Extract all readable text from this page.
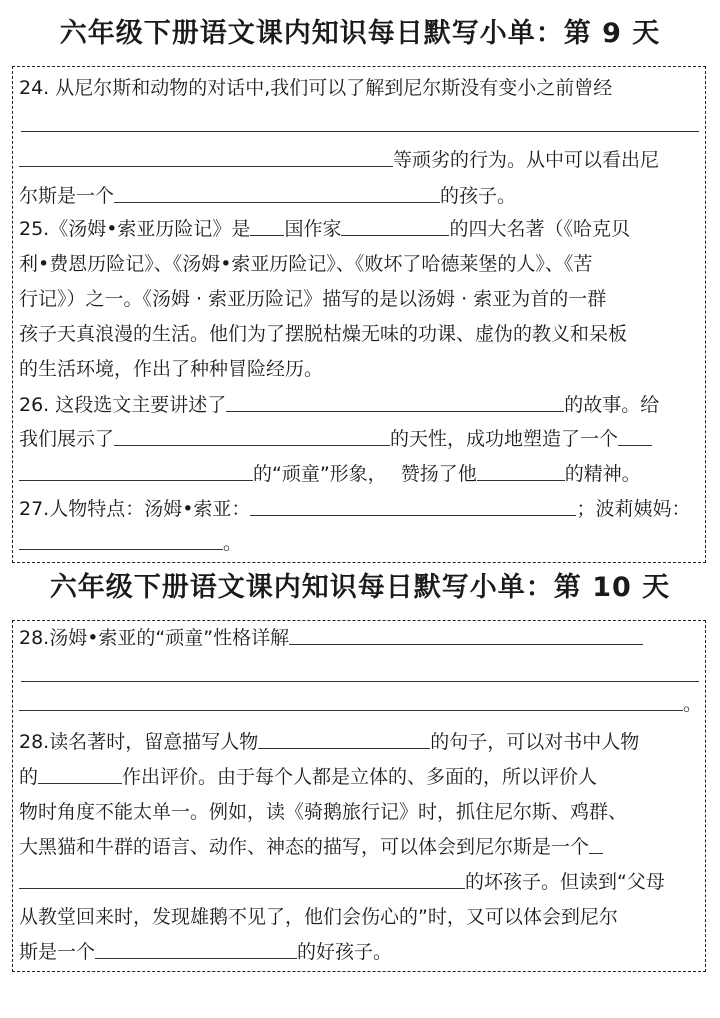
六年级下册语文课内知识每日默写小单：第 9 天
24. 从尼尔斯和动物的对话中,我们可以了解到尼尔斯没有变小之前曾经
等顽劣的行为。从中可以看出尼
尔斯是一个	的孩子。
25.《汤姆•索亚历险记》是 国作家	的四大名著（《哈克贝
利•费恩历险记》、《汤姆•索亚历险记》、《败坏了哈德莱堡的人》、《苦
行记》）之一。《汤姆 · 索亚历险记》描写的是以汤姆 · 索亚为首的一群
孩子天真浪漫的生活。他们为了摆脱枯燥无味的功课、虚伪的教义和呆板
的生活环境，作出了种种冒险经历。
26. 这段选文主要讲述了	的故事。给
我们展示了	的天性，成功地塑造了一个
的“顽童”形象， 赞扬了他	的精神。
27.人物特点：汤姆•索亚：	；波莉姨妈：
。
六年级下册语文课内知识每日默写小单：第 10 天
28.汤姆•索亚的“顽童”性格详解
。
28.读名著时，留意描写人物	的句子，可以对书中人物
的	作出评价。由于每个人都是立体的、多面的，所以评价人
物时角度不能太单一。例如，读《骑鹅旅行记》时，抓住尼尔斯、鸡群、
大黑猫和牛群的语言、动作、神态的描写，可以体会到尼尔斯是一个
的坏孩子。但读到“父母
从教堂回来时，发现雄鹅不见了，他们会伤心的”时，又可以体会到尼尔
斯是一个	的好孩子。
